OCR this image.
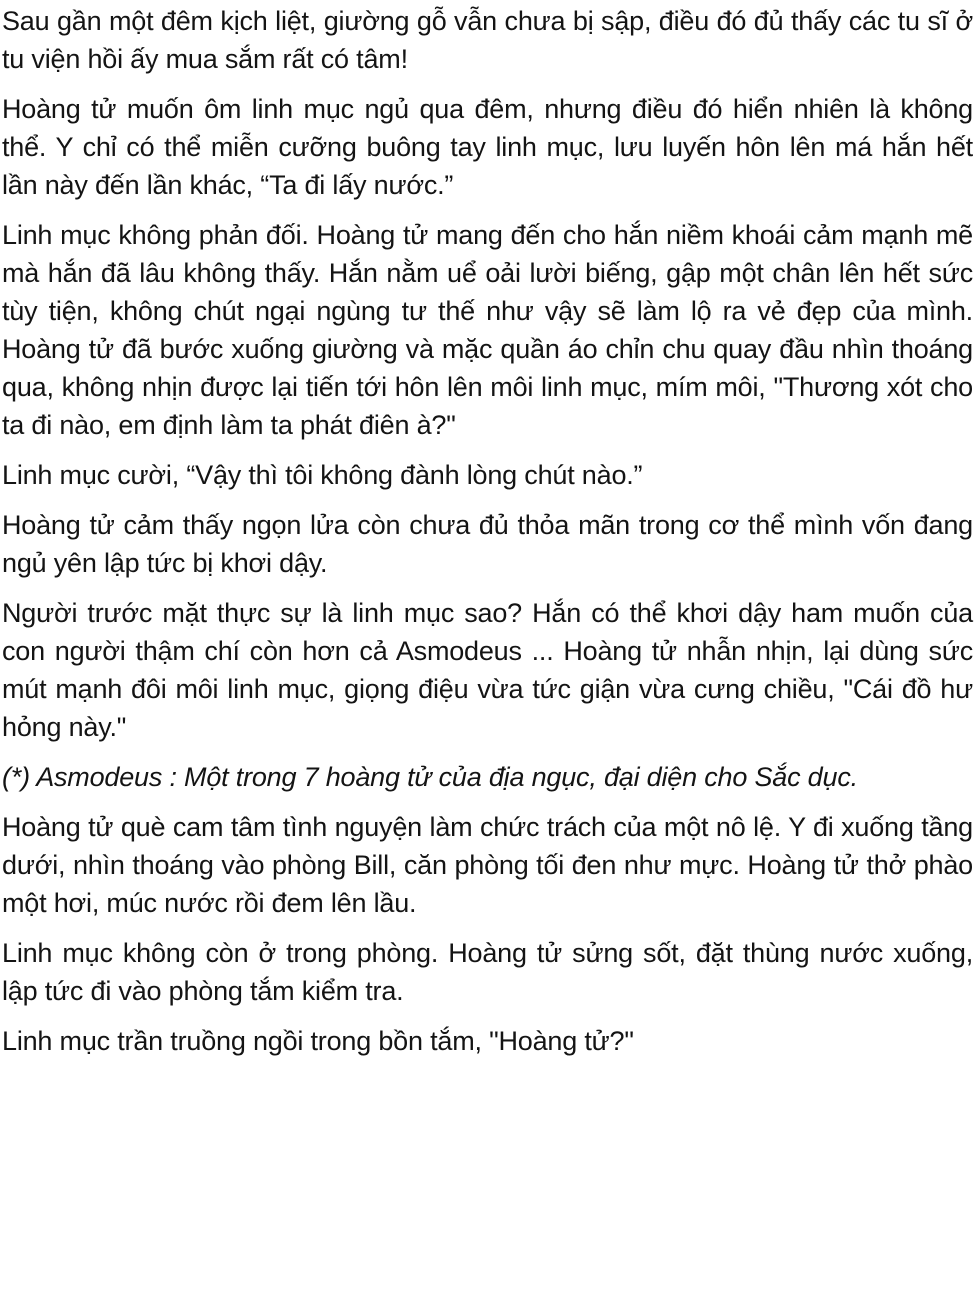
Sau gần một đêm kịch liệt, giường gỗ vẫn chưa bị sập, điều đó đủ thấy các tu sĩ ở tu viện hồi ấy mua sắm rất có tâm!

Hoàng tử muốn ôm linh mục ngủ qua đêm, nhưng điều đó hiển nhiên là không thể. Y chỉ có thể miễn cưỡng buông tay linh mục, lưu luyến hôn lên má hắn hết lần này đến lần khác, “Ta đi lấy nước.”

Linh mục không phản đối. Hoàng tử mang đến cho hắn niềm khoái cảm mạnh mẽ mà hắn đã lâu không thấy. Hắn nằm uể oải lười biếng, gập một chân lên hết sức tùy tiện, không chút ngại ngùng tư thế như vậy sẽ làm lộ ra vẻ đẹp của mình. Hoàng tử đã bước xuống giường và mặc quần áo chỉn chu quay đầu nhìn thoáng qua, không nhịn được lại tiến tới hôn lên môi linh mục, mím môi, "Thương xót cho ta đi nào, em định làm ta phát điên à?"

Linh mục cười, “Vậy thì tôi không đành lòng chút nào.”

Hoàng tử cảm thấy ngọn lửa còn chưa đủ thỏa mãn trong cơ thể mình vốn đang ngủ yên lập tức bị khơi dậy.

Người trước mặt thực sự là linh mục sao? Hắn có thể khơi dậy ham muốn của con người thậm chí còn hơn cả Asmodeus ... Hoàng tử nhẫn nhịn, lại dùng sức mút mạnh đôi môi linh mục, giọng điệu vừa tức giận vừa cưng chiều, "Cái đồ hư hỏng này."

(*) Asmodeus : Một trong 7 hoàng tử của địa ngục, đại diện cho Sắc dục.

Hoàng tử què cam tâm tình nguyện làm chức trách của một nô lệ. Y đi xuống tầng dưới, nhìn thoáng vào phòng Bill, căn phòng tối đen như mực. Hoàng tử thở phào một hơi, múc nước rồi đem lên lầu.

Linh mục không còn ở trong phòng. Hoàng tử sửng sốt, đặt thùng nước xuống, lập tức đi vào phòng tắm kiểm tra.

Linh mục trần truồng ngồi trong bồn tắm, "Hoàng tử?"
